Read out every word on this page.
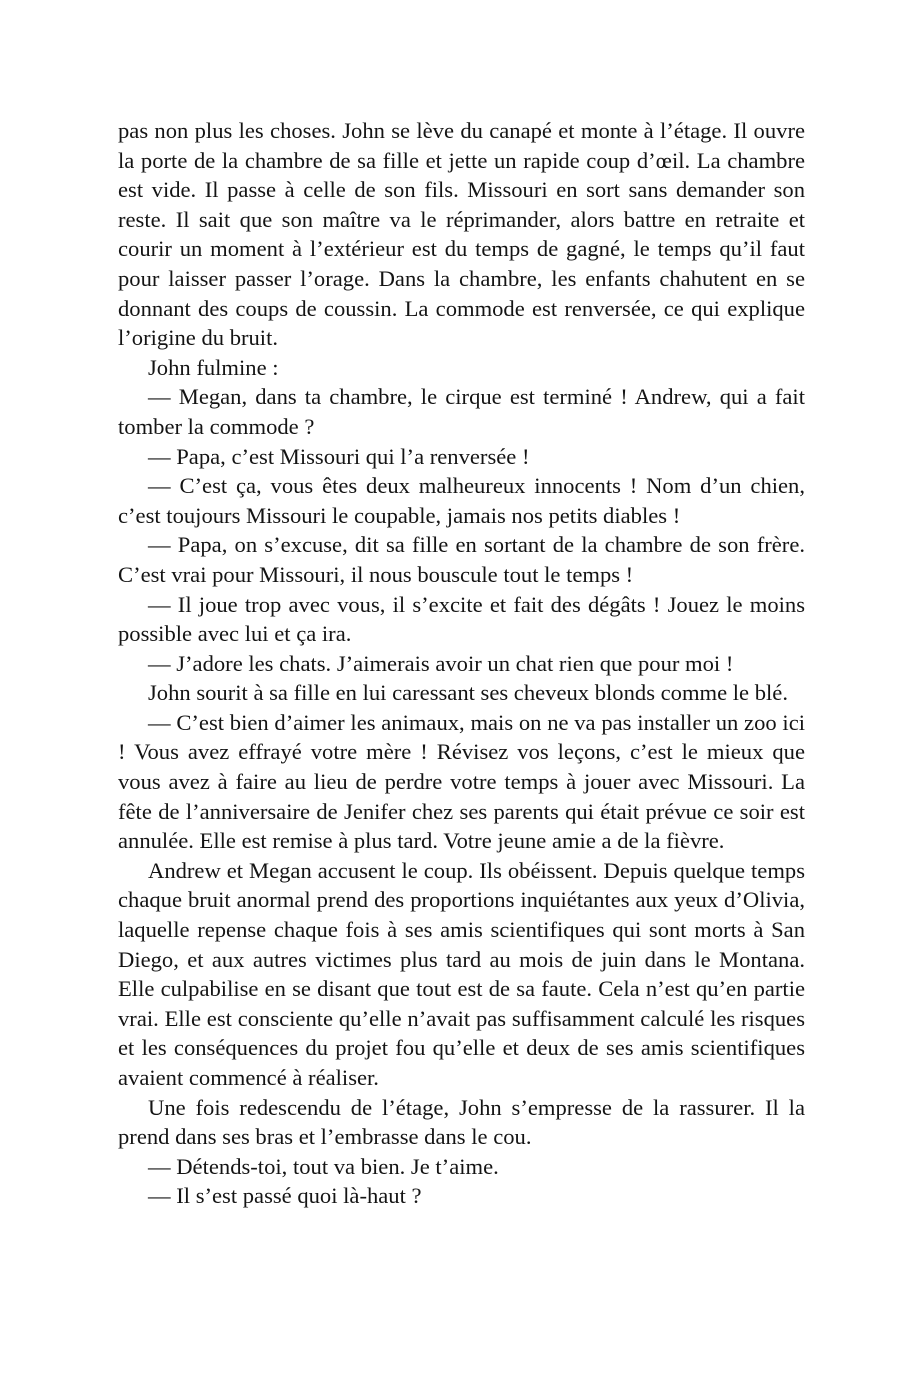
pas non plus les choses. John se lève du canapé et monte à l’étage. Il ouvre la porte de la chambre de sa fille et jette un rapide coup d’œil. La chambre est vide. Il passe à celle de son fils. Missouri en sort sans demander son reste. Il sait que son maître va le réprimander, alors battre en retraite et courir un moment à l’extérieur est du temps de gagné, le temps qu’il faut pour laisser passer l’orage. Dans la chambre, les enfants chahutent en se donnant des coups de coussin. La commode est renversée, ce qui explique l’origine du bruit.

John fulmine :

— Megan, dans ta chambre, le cirque est terminé ! Andrew, qui a fait tomber la commode ?

— Papa, c’est Missouri qui l’a renversée !

— C’est ça, vous êtes deux malheureux innocents ! Nom d’un chien, c’est toujours Missouri le coupable, jamais nos petits diables !

— Papa, on s’excuse, dit sa fille en sortant de la chambre de son frère. C’est vrai pour Missouri, il nous bouscule tout le temps !

— Il joue trop avec vous, il s’excite et fait des dégâts ! Jouez le moins possible avec lui et ça ira.

— J’adore les chats. J’aimerais avoir un chat rien que pour moi !

John sourit à sa fille en lui caressant ses cheveux blonds comme le blé.

— C’est bien d’aimer les animaux, mais on ne va pas installer un zoo ici ! Vous avez effrayé votre mère ! Révisez vos leçons, c’est le mieux que vous avez à faire au lieu de perdre votre temps à jouer avec Missouri. La fête de l’anniversaire de Jenifer chez ses parents qui était prévue ce soir est annulée. Elle est remise à plus tard. Votre jeune amie a de la fièvre.

Andrew et Megan accusent le coup. Ils obéissent. Depuis quelque temps chaque bruit anormal prend des proportions inquiétantes aux yeux d’Olivia, laquelle repense chaque fois à ses amis scientifiques qui sont morts à San Diego, et aux autres victimes plus tard au mois de juin dans le Montana. Elle culpabilise en se disant que tout est de sa faute. Cela n’est qu’en partie vrai. Elle est consciente qu’elle n’avait pas suffisamment calculé les risques et les conséquences du projet fou qu’elle et deux de ses amis scientifiques avaient commencé à réaliser.

Une fois redescendu de l’étage, John s’empresse de la rassurer. Il la prend dans ses bras et l’embrasse dans le cou.

— Détends-toi, tout va bien. Je t’aime.

— Il s’est passé quoi là-haut ?
